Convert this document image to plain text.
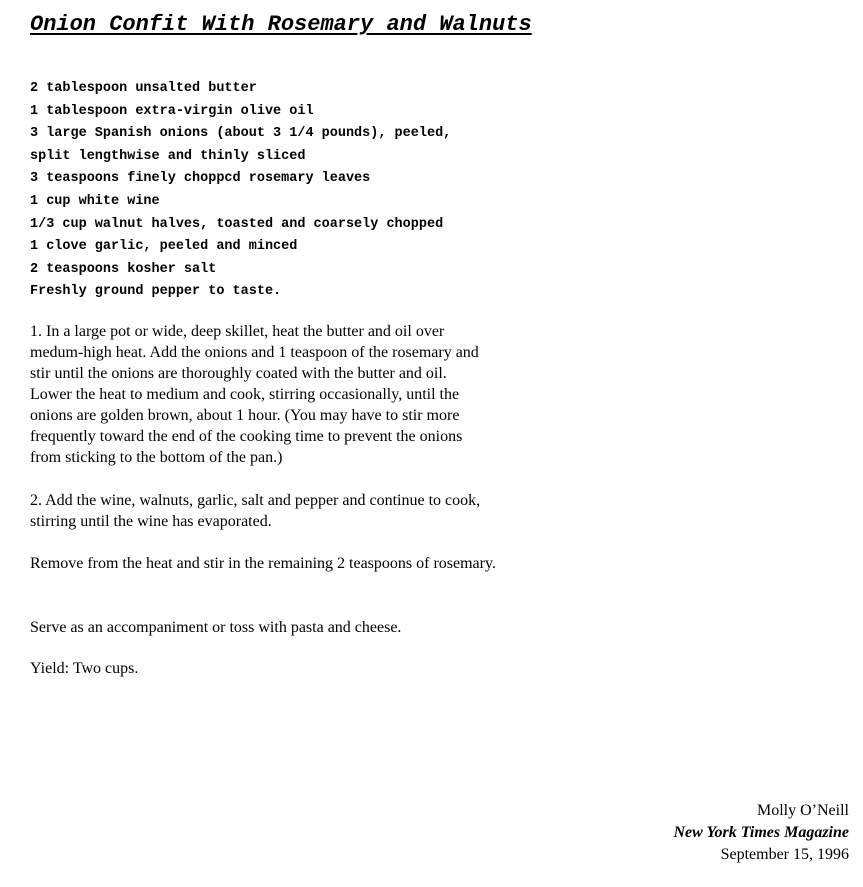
Onion Confit With Rosemary and Walnuts
2 tablespoon unsalted butter
1 tablespoon extra-virgin olive oil
3 large Spanish onions (about 3 1/4 pounds), peeled,
split lengthwise and thinly sliced
3 teaspoons finely choppcd rosemary leaves
1 cup white wine
1/3 cup walnut halves, toasted and coarsely chopped
1 clove garlic, peeled and minced
2 teaspoons kosher salt
Freshly ground pepper to taste.

1. In a large pot or wide, deep skillet, heat the butter and oil over
medum-high heat. Add the onions and 1 teaspoon of the rosemary and
stir until the onions are thoroughly coated with the butter and oil.
Lower the heat to medium and cook, stirring occasionally, until the
onions are golden brown, about 1 hour. (You may have to stir more
frequently toward the end of the cooking time to prevent the onions
from sticking to the bottom of the pan.)

2. Add the wine, walnuts, garlic, salt and pepper and continue to cook,
stirring until the wine has evaporated.

Remove from the heat and stir in the remaining 2 teaspoons of rosemary.

Serve as an accompaniment or toss with pasta and cheese.

Yield: Two cups.

Molly O’Neill
New York Times Magazine
September 15, 1996
